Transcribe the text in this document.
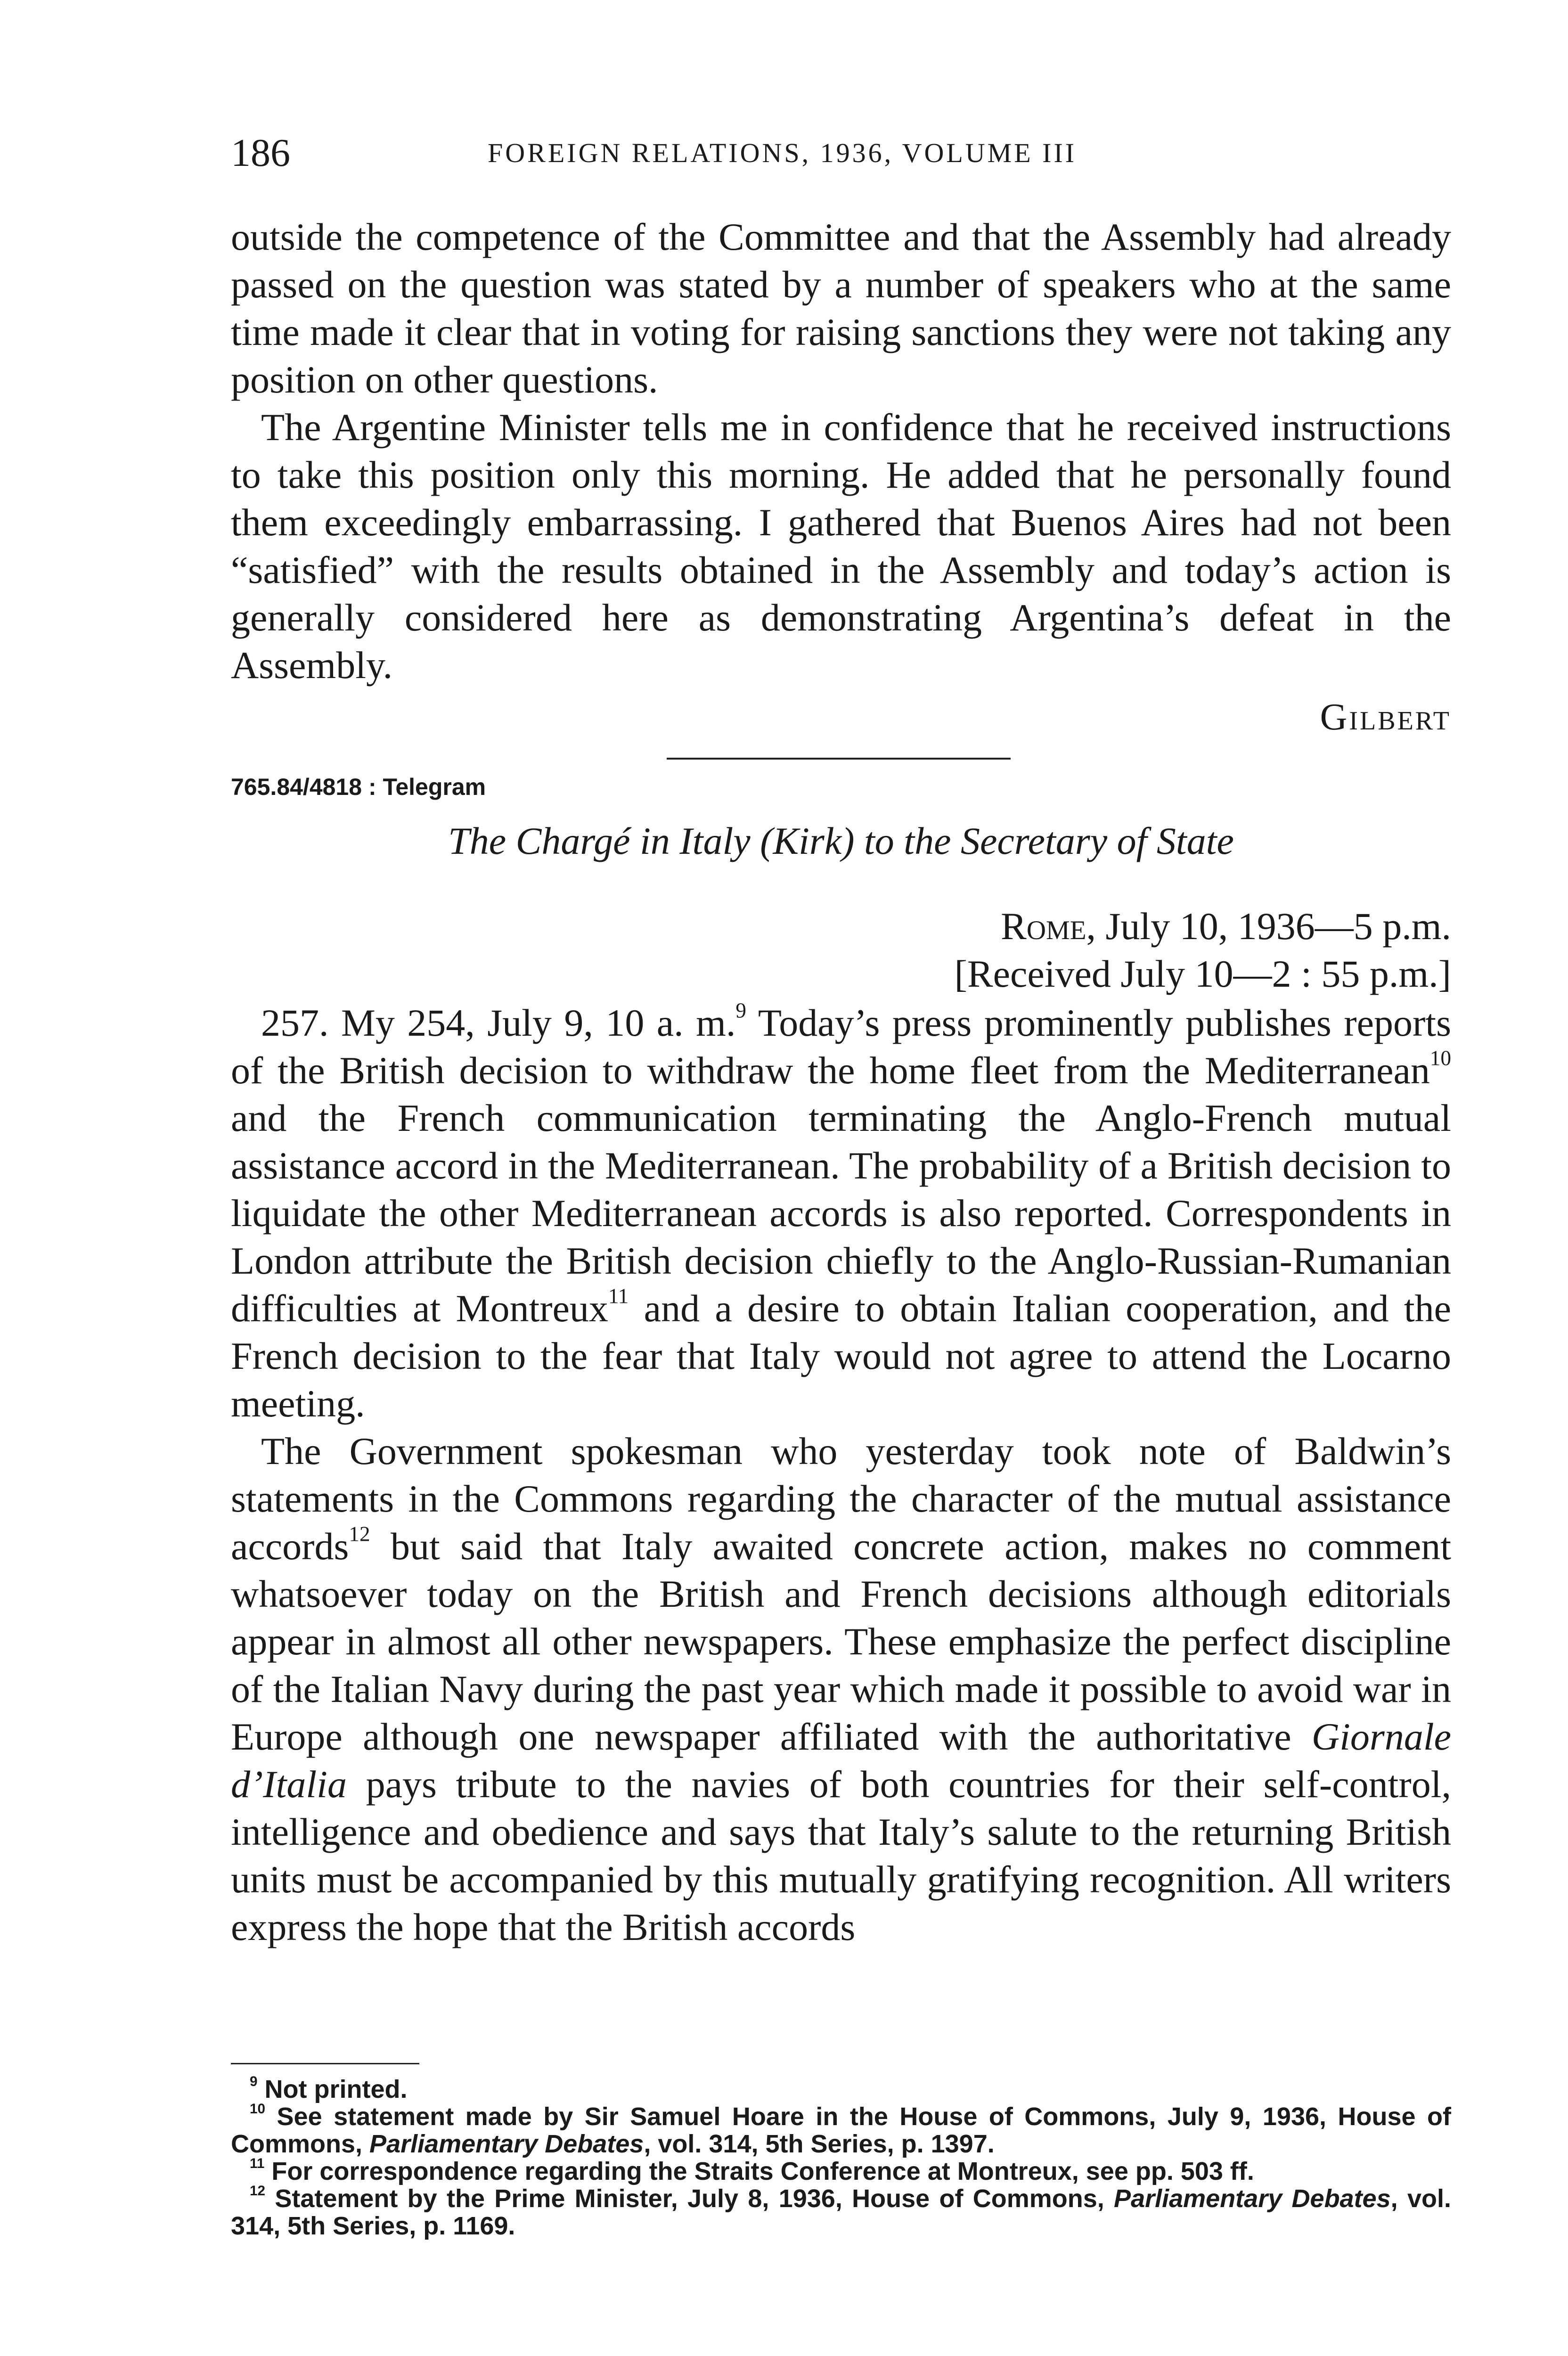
186	FOREIGN RELATIONS, 1936, VOLUME III

outside the competence of the Committee and that the Assembly had already passed on the question was stated by a number of speakers who at the same time made it clear that in voting for raising sanctions they were not taking any position on other questions.

The Argentine Minister tells me in confidence that he received instructions to take this position only this morning. He added that he personally found them exceedingly embarrassing. I gathered that Buenos Aires had not been “satisfied” with the results obtained in the Assembly and today’s action is generally considered here as demonstrating Argentina’s defeat in the Assembly.

Gilbert

765.84/4818 : Telegram
The Chargé in Italy (Kirk) to the Secretary of State
Rome, July 10, 1936—5 p.m.
[Received July 10—2 : 55 p.m.]

257. My 254, July 9, 10 a. m.$^9$ Today’s press prominently publishes reports of the British decision to withdraw the home fleet from the Mediterranean$^{10}$ and the French communication terminating the Anglo-French mutual assistance accord in the Mediterranean. The probability of a British decision to liquidate the other Mediterranean accords is also reported. Correspondents in London attribute the British decision chiefly to the Anglo-Russian-Rumanian difficulties at Montreux$^{11}$ and a desire to obtain Italian cooperation, and the French decision to the fear that Italy would not agree to attend the Locarno meeting.

The Government spokesman who yesterday took note of Baldwin’s statements in the Commons regarding the character of the mutual assistance accords$^{12}$ but said that Italy awaited concrete action, makes no comment whatsoever today on the British and French decisions although editorials appear in almost all other newspapers. These emphasize the perfect discipline of the Italian Navy during the past year which made it possible to avoid war in Europe although one newspaper affiliated with the authoritative Giornale d’Italia pays tribute to the navies of both countries for their self-control, intelligence and obedience and says that Italy’s salute to the returning British units must be accompanied by this mutually gratifying recognition. All writers express the hope that the British accords

$^9$ Not printed.

$^{10}$ See statement made by Sir Samuel Hoare in the House of Commons, July 9, 1936, House of Commons, Parliamentary Debates, vol. 314, 5th Series, p. 1397.

$^{11}$ For correspondence regarding the Straits Conference at Montreux, see pp. 503 ff.

$^{12}$ Statement by the Prime Minister, July 8, 1936, House of Commons, Parliamentary Debates, vol. 314, 5th Series, p. 1169.
